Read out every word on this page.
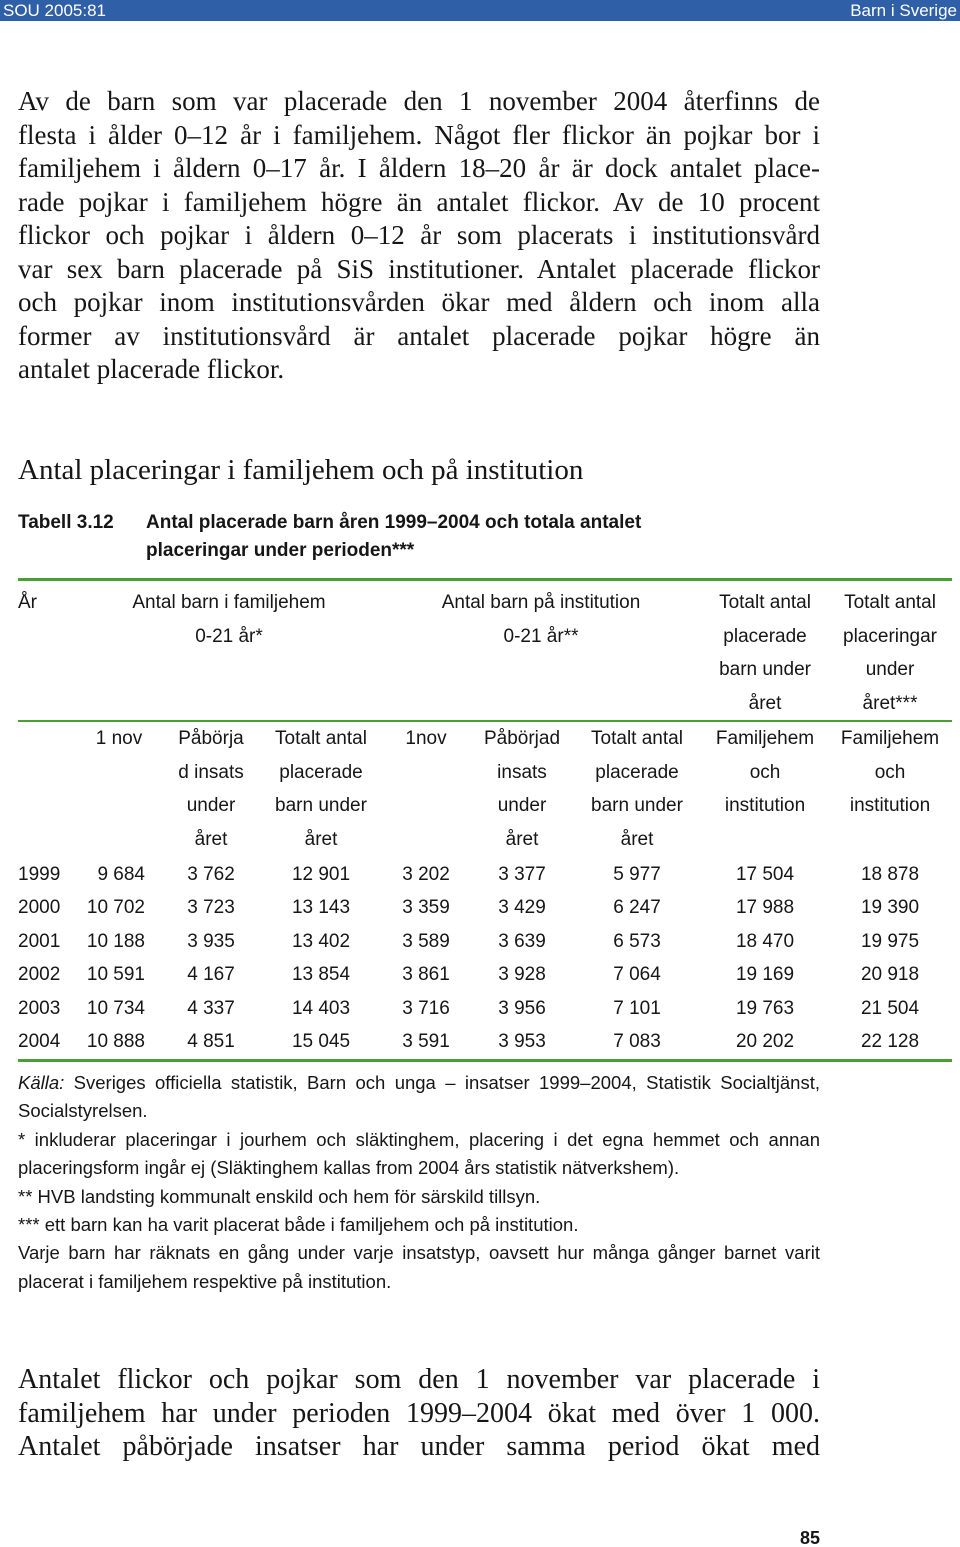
SOU 2005:81	Barn i Sverige
Av de barn som var placerade den 1 november 2004 återfinns de
flesta i ålder 0–12 år i familjehem. Något fler flickor än pojkar bor i
familjehem i åldern 0–17 år. I åldern 18–20 år är dock antalet place-
rade pojkar i familjehem högre än antalet flickor. Av de 10 procent
flickor och pojkar i åldern 0–12 år som placerats i institutionsvård
var sex barn placerade på SiS institutioner. Antalet placerade flickor
och pojkar inom institutionsvården ökar med åldern och inom alla
former av institutionsvård är antalet placerade pojkar högre än
antalet placerade flickor.
Antal placeringar i familjehem och på institution
Tabell 3.12	Antal placerade barn åren 1999–2004 och totala antalet
placeringar under perioden***
År	Antal barn i familjehem
0-21 år*			Antal barn på institution
0-21 år**			Totalt antal
placerade
barn under
året	Totalt antal
placeringar
under
året***

	1 nov	Påbörja
d insats
under
året	Totalt antal
placerade
barn under
året	1nov	Påbörjad
insats
under
året	Totalt antal
placerade
barn under
året	Familjehem
och
institution	Familjehem
och
institution

1999	9 684	3 762	12 901	3 202	3 377	5 977	17 504	18 878
2000	10 702	3 723	13 143	3 359	3 429	6 247	17 988	19 390
2001	10 188	3 935	13 402	3 589	3 639	6 573	18 470	19 975
2002	10 591	4 167	13 854	3 861	3 928	7 064	19 169	20 918
2003	10 734	4 337	14 403	3 716	3 956	7 101	19 763	21 504
2004	10 888	4 851	15 045	3 591	3 953	7 083	20 202	22 128
Källa: Sveriges officiella statistik, Barn och unga – insatser 1999–2004, Statistik Socialtjänst,
Socialstyrelsen.
* inkluderar placeringar i jourhem och släktinghem, placering i det egna hemmet och annan
placeringsform ingår ej (Släktinghem kallas from 2004 års statistik nätverkshem).
** HVB landsting kommunalt enskild och hem för särskild tillsyn.
*** ett barn kan ha varit placerat både i familjehem och på institution.
Varje barn har räknats en gång under varje insatstyp, oavsett hur många gånger barnet varit
placerat i familjehem respektive på institution.
Antalet flickor och pojkar som den 1 november var placerade i
familjehem har under perioden 1999–2004 ökat med över 1 000.
Antalet påbörjade insatser har under samma period ökat med
85
